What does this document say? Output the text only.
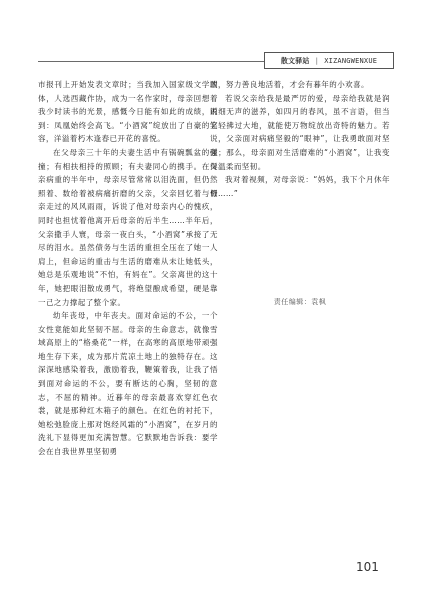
散文驿站 | XIZANGWENXUE

市报刊上开始发表文章时；当我加入国家级文学团体，人选西藏作协，成为一名作家时，母亲回想着我少时读书的光景，感慨今日能有如此的成绩，说到：凤凰始终会高飞。“小酒窝”绽放出了自豪的笑容，洋溢着朽木逢春已开花的喜悦。

在父母亲三十年的夫妻生活中有锅碗瓢盆的碰撞；有相扶相持的照顾；有夫妻同心的携手。在父亲病重的半年中，母亲尽管常常以泪洗面，但仍然照着、数给着被病痛折磨的父亲，父亲回忆着与母亲走过的风风雨雨，诉说了他对母亲内心的愧疚，同时也担忧着他离开后母亲的后半生……半年后，父亲撒手人寰，母亲一夜白头，“小酒窝”承接了无尽的泪水。虽然债务与生活的重担全压在了她一人肩上，但命运的重击与生活的磨难从未让她低头，她总是乐观地说“不怕，有妈在”。父亲离世的这十年，她把眼泪散成勇气，将绝望酿成希望，硬是靠一己之力撑起了整个家。

幼年丧母，中年丧夫。面对命运的不公，一个女性竟能如此坚韧不屈。母亲的生命意志，就像雪域高原上的“格桑花”一样，在高寒的高原地带顽强地生存下来，成为那片荒凉土地上的独特存在。这深深地感染着我，激励着我，鞭策着我，让我了悟到面对命运的不公，要有断达的心胸，坚韧的意志，不屈的精神。近暮年的母亲最喜欢穿红色衣裳，就是那种红木箱子的颜色。在红色的衬托下，她松弛脸庞上那对饱经风霜的“小酒窝”，在岁月的洗礼下显得更加充满智慧。它默默地告诉我：要学会在自我世界里坚韧勇

敢，努力善良地活着，才会有暮年的小欢喜。

若说父亲给我是最严厉的爱，母亲给我就是润雨细无声的滋养，如四月的春风，虽不言语，但当它轻拂过大地，就能使万物绽放出奇特的魅力。若说，父亲面对病痛坚毅的“眼神”，让我勇敢面对坚强；那么，母亲面对生活磨难的“小酒窝”，让我变得温柔而坚韧。

我对着视频，对母亲说：“妈妈，我下个月休年假……”

责任编辑：袁枫
101
